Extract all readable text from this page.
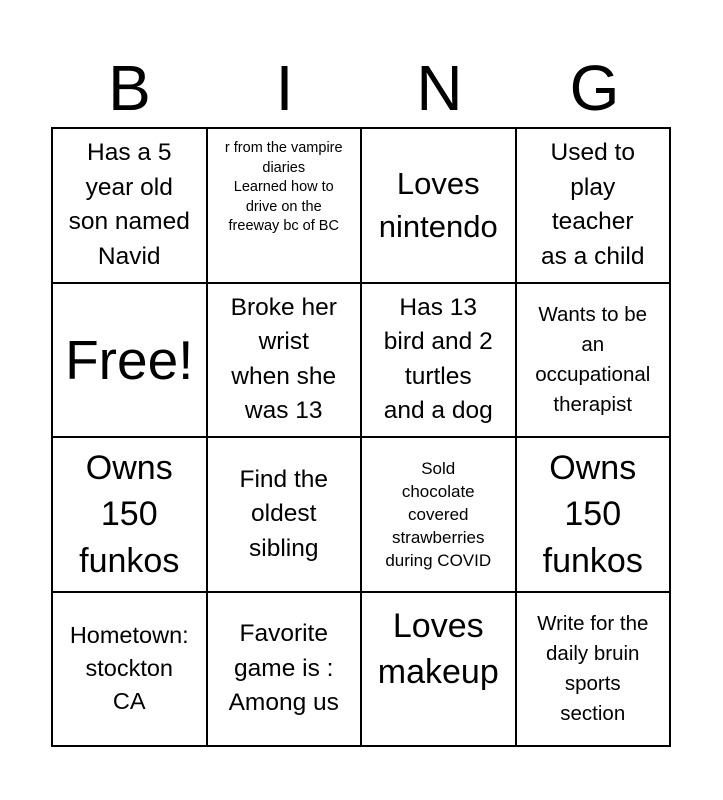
B	I	N	G
Has a 5
year old
son named
Navid
r from the vampire
diaries
Learned how to
drive on the
freeway bc of BC
Loves
nintendo
Used to
play
teacher
as a child
Free!
Broke her
wrist
when she
was 13
Has 13
bird and 2
turtles
and a dog
Wants to be
an
occupational
therapist
Owns
150
funkos
Find the
oldest
sibling
Sold
chocolate
covered
strawberries
during COVID
Owns
150
funkos
Hometown:
stockton
CA
Favorite
game is :
Among us
Loves
makeup
Write for the
daily bruin
sports
section
